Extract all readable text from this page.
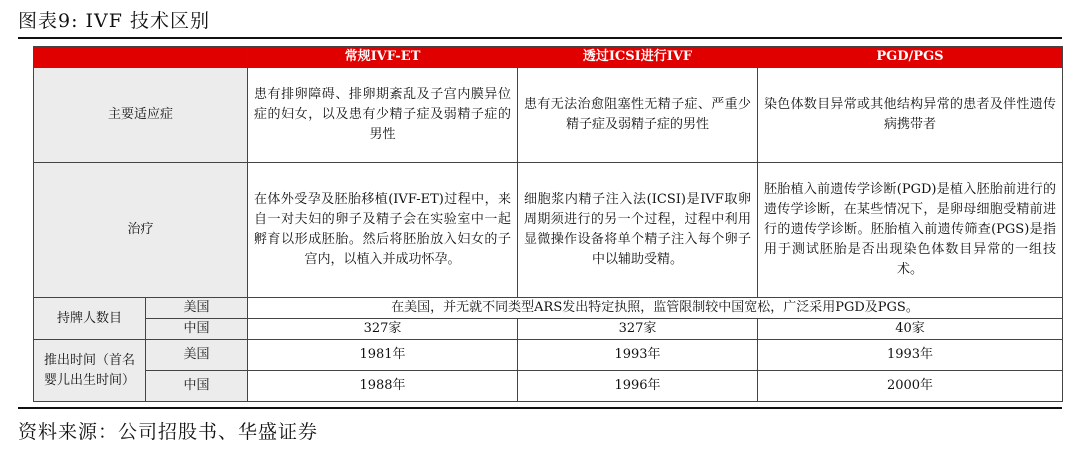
图表9: IVF 技术区别
		常规IVF-ET	透过ICSI进行IVF	PGD/PGS
主要适应症		患有排卵障碍、排卵期紊乱及子宫内膜异位症的妇女，以及患有少精子症及弱精子症的男性	患有无法治愈阻塞性无精子症、严重少精子症及弱精子症的男性	染色体数目异常或其他结构异常的患者及伴性遗传病携带者
治疗		在体外受孕及胚胎移植(IVF-ET)过程中，来自一对夫妇的卵子及精子会在实验室中一起孵育以形成胚胎。然后将胚胎放入妇女的子宫内，以植入并成功怀孕。	细胞浆内精子注入法(ICSI)是IVF取卵周期须进行的另一个过程，过程中利用显微操作设备将单个精子注入每个卵子中以辅助受精。	胚胎植入前遗传学诊断(PGD)是植入胚胎前进行的遗传学诊断，在某些情况下，是卵母细胞受精前进行的遗传学诊断。胚胎植入前遗传筛查(PGS)是指用于测试胚胎是否出现染色体数目异常的一组技术。
持牌人数目	美国	在美国，并无就不同类型ARS发出特定执照，监管限制较中国宽松，广泛采用PGD及PGS。		
	中国	327家	327家	40家
推出时间（首名婴儿出生时间）	美国	1981年	1993年	1993年
	中国	1988年	1996年	2000年
资料来源：公司招股书、华盛证券
